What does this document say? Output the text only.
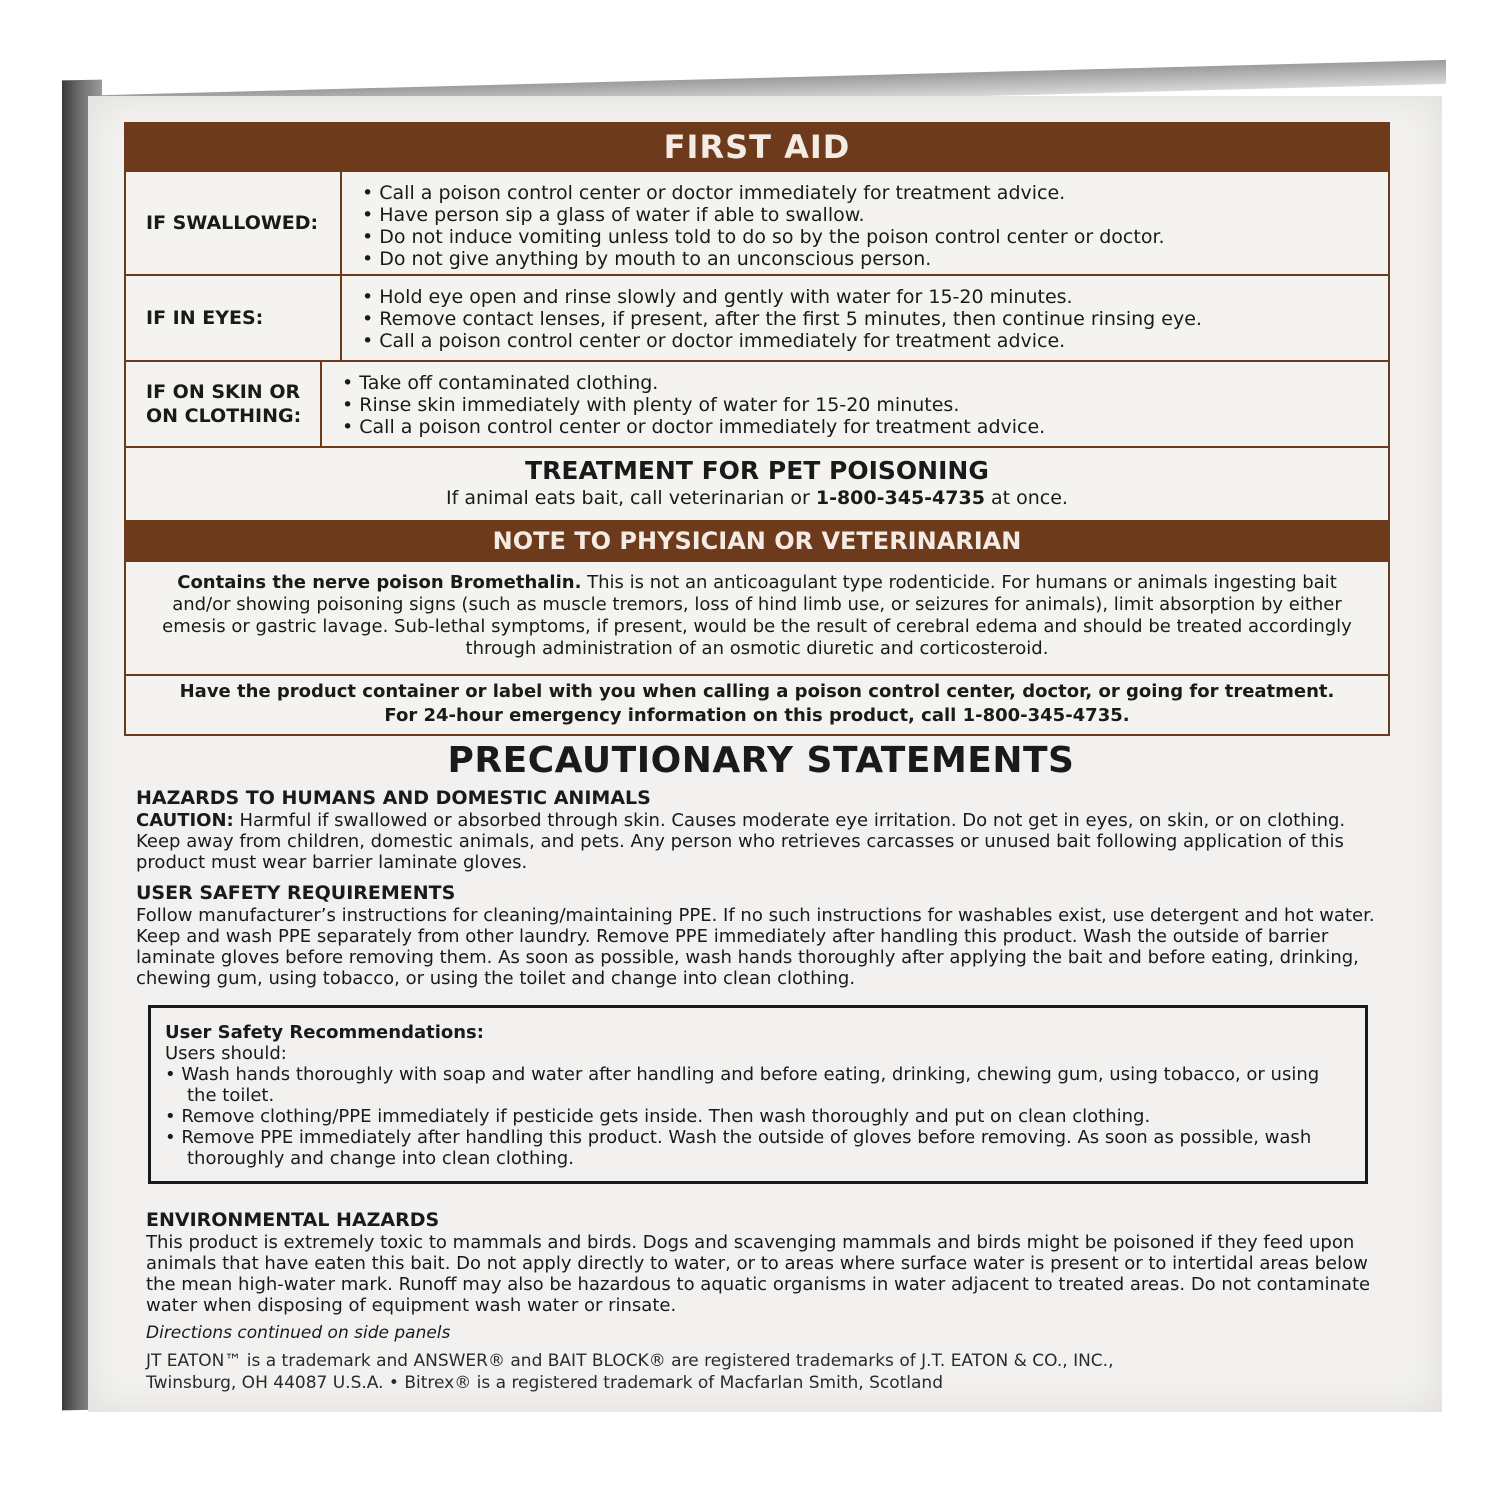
FIRST AID
IF SWALLOWED:
• Call a poison control center or doctor immediately for treatment advice.
• Have person sip a glass of water if able to swallow.
• Do not induce vomiting unless told to do so by the poison control center or doctor.
• Do not give anything by mouth to an unconscious person.
IF IN EYES:
• Hold eye open and rinse slowly and gently with water for 15-20 minutes.
• Remove contact lenses, if present, after the first 5 minutes, then continue rinsing eye.
• Call a poison control center or doctor immediately for treatment advice.
IF ON SKIN OR ON CLOTHING:
• Take off contaminated clothing.
• Rinse skin immediately with plenty of water for 15-20 minutes.
• Call a poison control center or doctor immediately for treatment advice.
TREATMENT FOR PET POISONING
If animal eats bait, call veterinarian or 1-800-345-4735 at once.
NOTE TO PHYSICIAN OR VETERINARIAN
Contains the nerve poison Bromethalin. This is not an anticoagulant type rodenticide. For humans or animals ingesting bait and/or showing poisoning signs (such as muscle tremors, loss of hind limb use, or seizures for animals), limit absorption by either emesis or gastric lavage. Sub-lethal symptoms, if present, would be the result of cerebral edema and should be treated accordingly through administration of an osmotic diuretic and corticosteroid.
Have the product container or label with you when calling a poison control center, doctor, or going for treatment.
For 24-hour emergency information on this product, call 1-800-345-4735.
PRECAUTIONARY STATEMENTS
HAZARDS TO HUMANS AND DOMESTIC ANIMALS
CAUTION: Harmful if swallowed or absorbed through skin. Causes moderate eye irritation. Do not get in eyes, on skin, or on clothing. Keep away from children, domestic animals, and pets. Any person who retrieves carcasses or unused bait following application of this product must wear barrier laminate gloves.
USER SAFETY REQUIREMENTS
Follow manufacturer’s instructions for cleaning/maintaining PPE. If no such instructions for washables exist, use detergent and hot water. Keep and wash PPE separately from other laundry. Remove PPE immediately after handling this product. Wash the outside of barrier laminate gloves before removing them. As soon as possible, wash hands thoroughly after applying the bait and before eating, drinking, chewing gum, using tobacco, or using the toilet and change into clean clothing.
User Safety Recommendations:
Users should:
• Wash hands thoroughly with soap and water after handling and before eating, drinking, chewing gum, using tobacco, or using the toilet.
• Remove clothing/PPE immediately if pesticide gets inside. Then wash thoroughly and put on clean clothing.
• Remove PPE immediately after handling this product. Wash the outside of gloves before removing. As soon as possible, wash thoroughly and change into clean clothing.
ENVIRONMENTAL HAZARDS
This product is extremely toxic to mammals and birds. Dogs and scavenging mammals and birds might be poisoned if they feed upon animals that have eaten this bait. Do not apply directly to water, or to areas where surface water is present or to intertidal areas below the mean high-water mark. Runoff may also be hazardous to aquatic organisms in water adjacent to treated areas. Do not contaminate water when disposing of equipment wash water or rinsate.
Directions continued on side panels
JT EATON™ is a trademark and ANSWER® and BAIT BLOCK® are registered trademarks of J.T. EATON & CO., INC.,
Twinsburg, OH 44087 U.S.A. • Bitrex® is a registered trademark of Macfarlan Smith, Scotland
